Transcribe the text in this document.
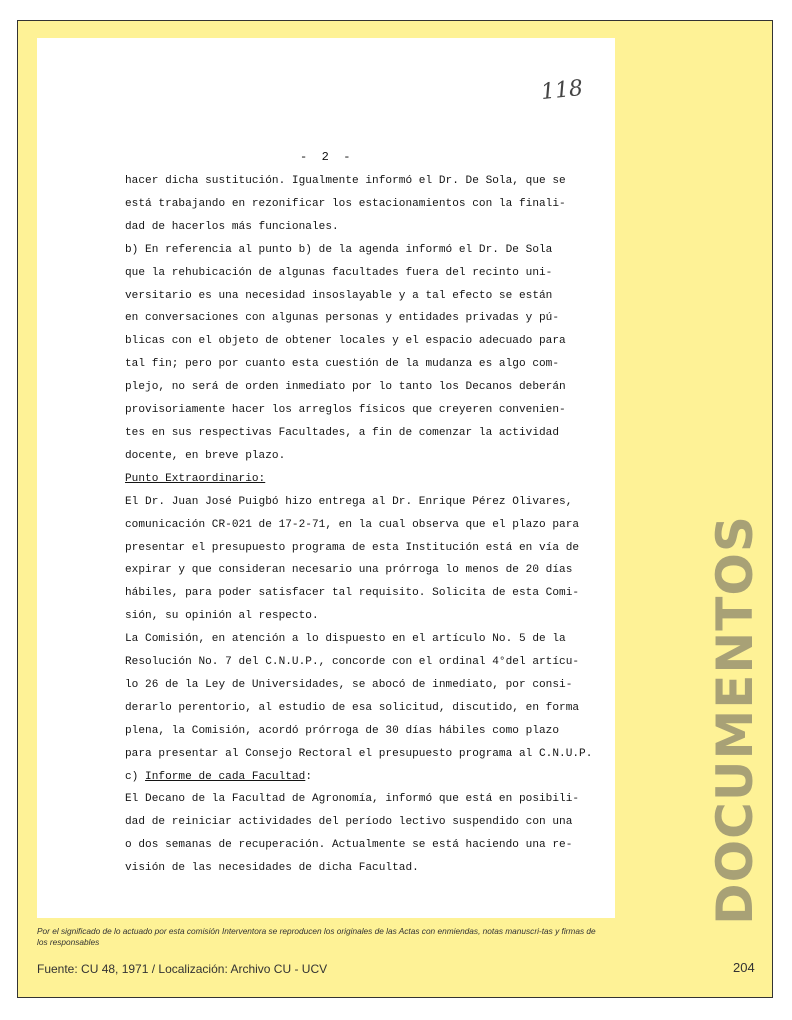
118
-  2  -
hacer dicha sustitución. Igualmente informó el Dr. De Sola, que se
está trabajando en rezonificar los estacionamientos con la finali-
dad de hacerlos más funcionales.
b) En referencia al punto b) de la agenda informó el Dr. De Sola
que la rehubicación de algunas facultades fuera del recinto uni-
versitario es una necesidad insoslayable y a tal efecto se están
en conversaciones con algunas personas y entidades privadas y pú-
blicas con el objeto de obtener locales y el espacio adecuado para
tal fin; pero por cuanto esta cuestión de la mudanza es algo com-
plejo, no será de orden inmediato por lo tanto los Decanos deberán
provisoriamente hacer los arreglos físicos que creyeren convenien-
tes en sus respectivas Facultades, a fin de comenzar la actividad
docente, en breve plazo.
Punto Extraordinario:
El Dr. Juan José Puigbó hizo entrega al Dr. Enrique Pérez Olivares,
comunicación CR-021 de 17-2-71, en la cual observa que el plazo para
presentar el presupuesto programa de esta Institución está en vía de
expirar y que consideran necesario una prórroga lo menos de 20 días
hábiles, para poder satisfacer tal requisito. Solicita de esta Comi-
sión, su opinión al respecto.
La Comisión, en atención a lo dispuesto en el artículo No. 5 de la
Resolución No. 7 del C.N.U.P., concorde con el ordinal 4°del artícu-
lo 26 de la Ley de Universidades, se abocó de inmediato, por consi-
derarlo perentorio, al estudio de esa solicitud, discutido, en forma
plena, la Comisión, acordó prórroga de 30 días hábiles como plazo
para presentar al Consejo Rectoral el presupuesto programa al C.N.U.P.
c) Informe de cada Facultad:
El Decano de la Facultad de Agronomía, informó que está en posibili-
dad de reiniciar actividades del período lectivo suspendido con una
o dos semanas de recuperación. Actualmente se está haciendo una re-
visión de las necesidades de dicha Facultad.	DOCUMENTOS
Por el significado de lo actuado por esta comisión Interventora se reproducen los originales de las Actas con enmiendas, notas manuscri-tas y firmas de los responsables
Fuente: CU 48, 1971 / Localización: Archivo CU - UCV	204
